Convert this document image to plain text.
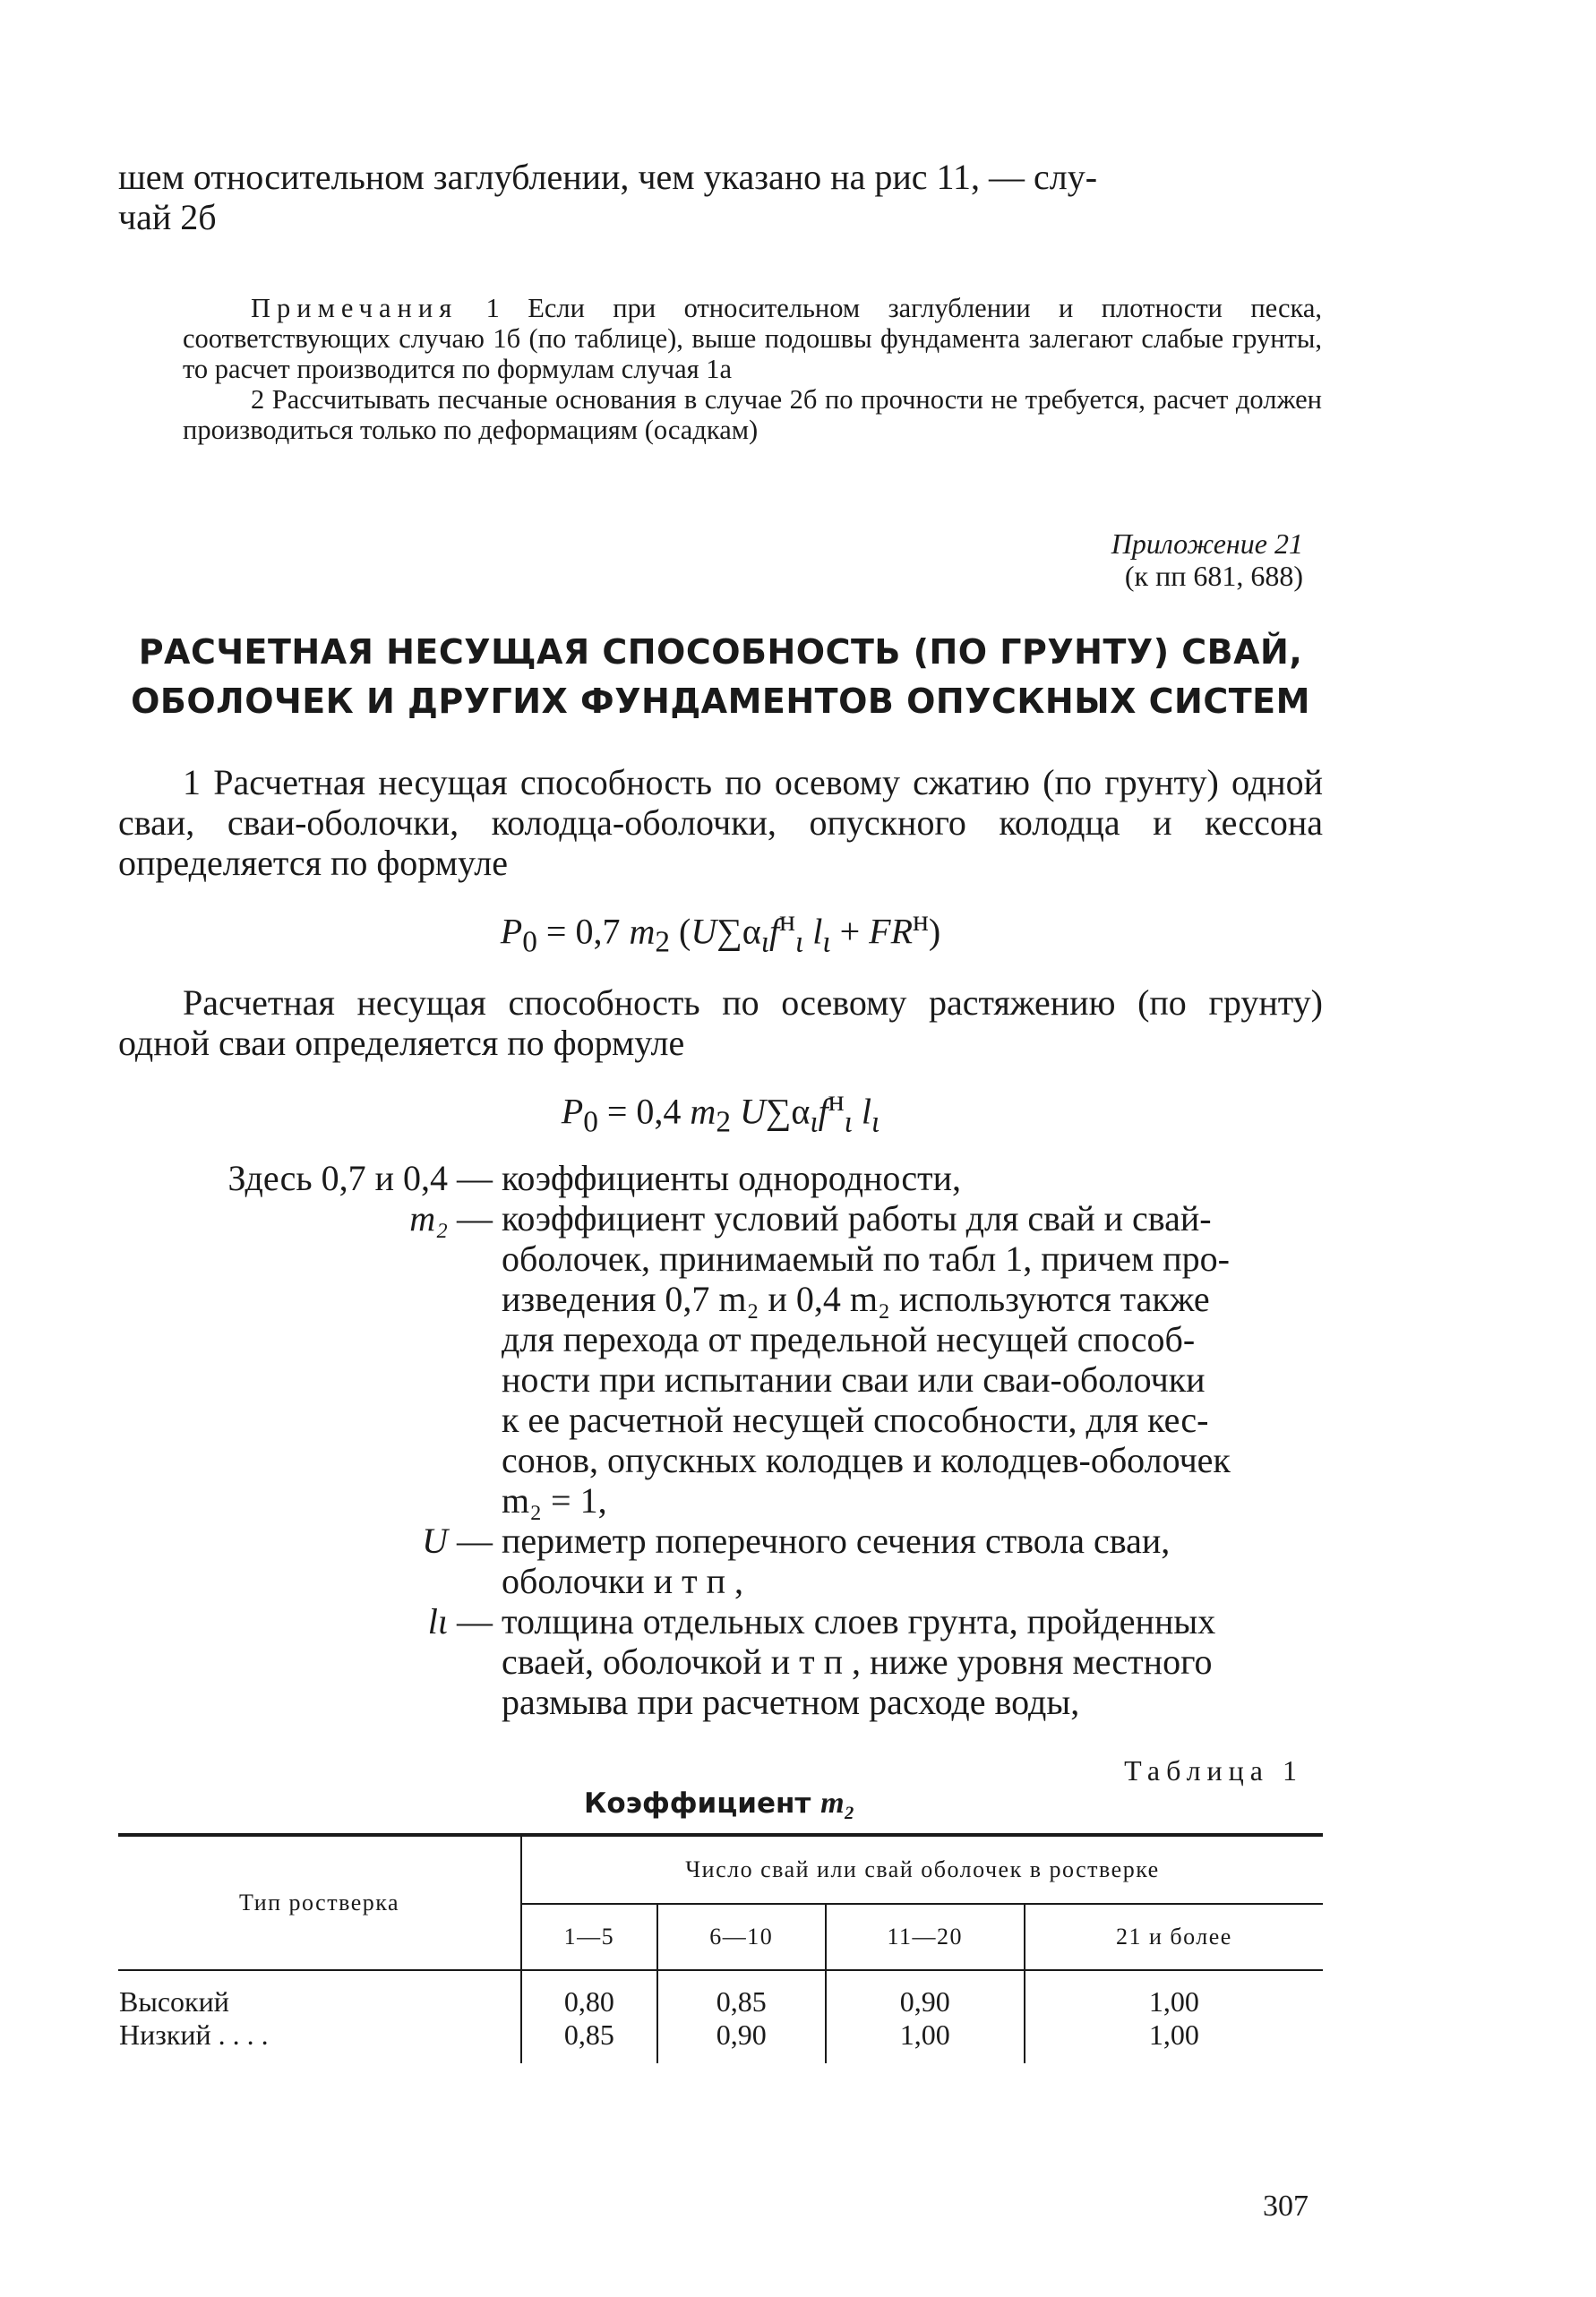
шем относительном заглублении, чем указано на рис 11, — слу-
чай 2б

Примечания 1 Если при относительном заглублении и плотности песка, соответствующих случаю 1б (по таблице), выше подошвы фундамента залегают слабые грунты, то расчет производится по формулам случая 1а

2 Рассчитывать песчаные основания в случае 2б по прочности не требуется, расчет должен производиться только по деформациям (осадкам)

Приложение 21
(к пп 681, 688)
РАСЧЕТНАЯ НЕСУЩАЯ СПОСОБНОСТЬ (ПО ГРУНТУ) СВАЙ,
ОБОЛОЧЕК И ДРУГИХ ФУНДАМЕНТОВ ОПУСКНЫХ СИСТЕМ

1 Расчетная несущая способность по осевому сжатию (по грунту) одной сваи, сваи-оболочки, колодца-оболочки, опускного колодца и кессона определяется по формуле

$P_0 = 0,7$ $m_2$ ($U\sum\alpha_\iota f^н_\iota$ $l_\iota + FR^н$)

Расчетная несущая способность по осевому растяжению (по грунту) одной сваи определяется по формуле

$P_0 = 0,4$ $m_2$ $U\sum\alpha_\iota f^н_\iota$ $l_\iota$
Здесь 0,7 и 0,4 — коэффициенты однородности,
m₂ — коэффициент условий работы для свай и свай-
оболочек, принимаемый по табл 1, причем про-
изведения 0,7 m₂ и 0,4 m₂ используются также
для перехода от предельной несущей способ-
ности при испытании сваи или сваи-оболочки
к ее расчетной несущей способности, для кес-
сонов, опускных колодцев и колодцев-оболочек
m₂ = 1,
U — периметр поперечного сечения ствола сваи,
оболочки и т п ,
lι — толщина отдельных слоев грунта, пройденных
сваей, оболочкой и т п , ниже уровня местного
размыва при расчетном расходе воды,
Таблица 1
Коэффициент m₂
Тип ростверка	Число свай или свай оболочек в ростверке			
	1—5	6—10	11—20	21 и более
Высокий	0,80	0,85	0,90	1,00
Низкий . . . .	0,85	0,90	1,00	1,00
307
